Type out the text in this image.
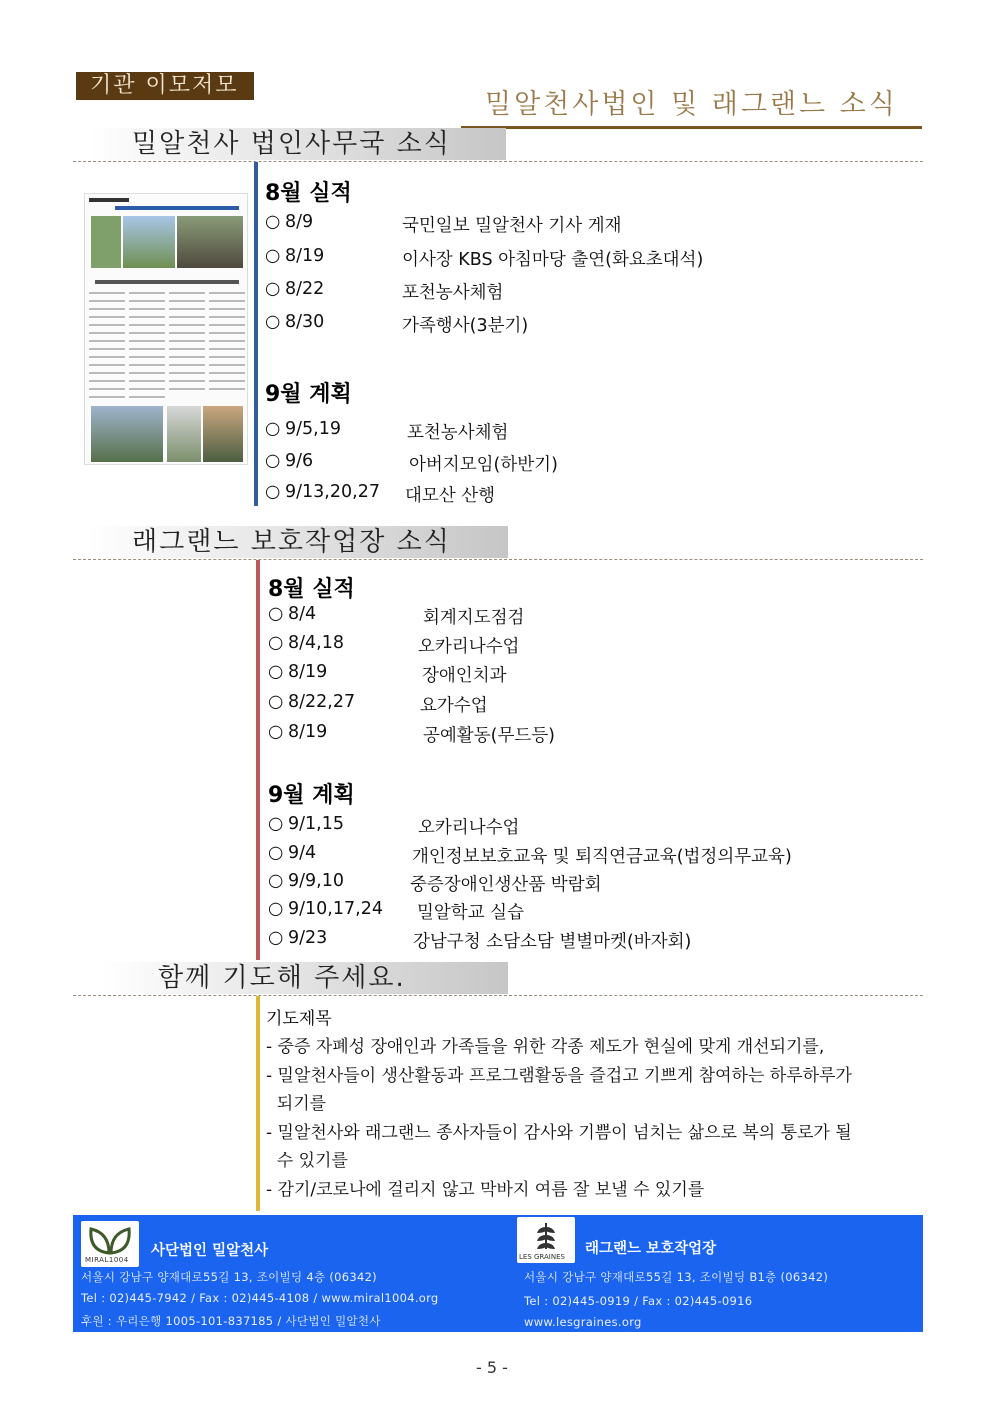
기관 이모저모
밀알천사법인 및 래그랜느 소식
밀알천사 법인사무국 소식
8월 실적
○ 8/9	국민일보 밀알천사 기사 게재
○ 8/19	이사장 KBS 아침마당 출연(화요초대석)
○ 8/22	포천농사체험
○ 8/30	가족행사(3분기)
9월 계획
○ 9/5,19	포천농사체험
○ 9/6	아버지모임(하반기)
○ 9/13,20,27 대모산 산행
래그랜느 보호작업장 소식
8월 실적
○ 8/4	회계지도점검
○ 8/4,18	오카리나수업
○ 8/19	장애인치과
○ 8/22,27	요가수업
○ 8/19	공예활동(무드등)
9월 계획
○ 9/1,15	오카리나수업
○ 9/4	개인정보보호교육 및 퇴직연금교육(법정의무교육)
○ 9/9,10	중증장애인생산품 박람회
○ 9/10,17,24 밀알학교 실습
○ 9/23	강남구청 소담소담 별별마켓(바자회)
함께 기도해 주세요.
기도제목
- 중증 자폐성 장애인과 가족들을 위한 각종 제도가 현실에 맞게 개선되기를,
- 밀알천사들이 생산활동과 프로그램활동을 즐겁고 기쁘게 참여하는 하루하루가
되기를
- 밀알천사와 래그랜느 종사자들이 감사와 기쁨이 넘치는 삶으로 복의 통로가 될
수 있기를
- 감기/코로나에 걸리지 않고 막바지 여름 잘 보낼 수 있기를
MIRAL1004
사단법인 밀알천사
서울시 강남구 양재대로55길 13, 조이빌딩 4층 (06342)
Tel : 02)445-7942 / Fax : 02)445-4108 / www.miral1004.org
후원 : 우리은행 1005-101-837185 / 사단법인 밀알천사
LES GRAINES 래그랜느 보호작업장
서울시 강남구 양재대로55길 13, 조이빌딩 B1층 (06342)
Tel : 02)445-0919 / Fax : 02)445-0916
www.lesgraines.org
- 5 -
